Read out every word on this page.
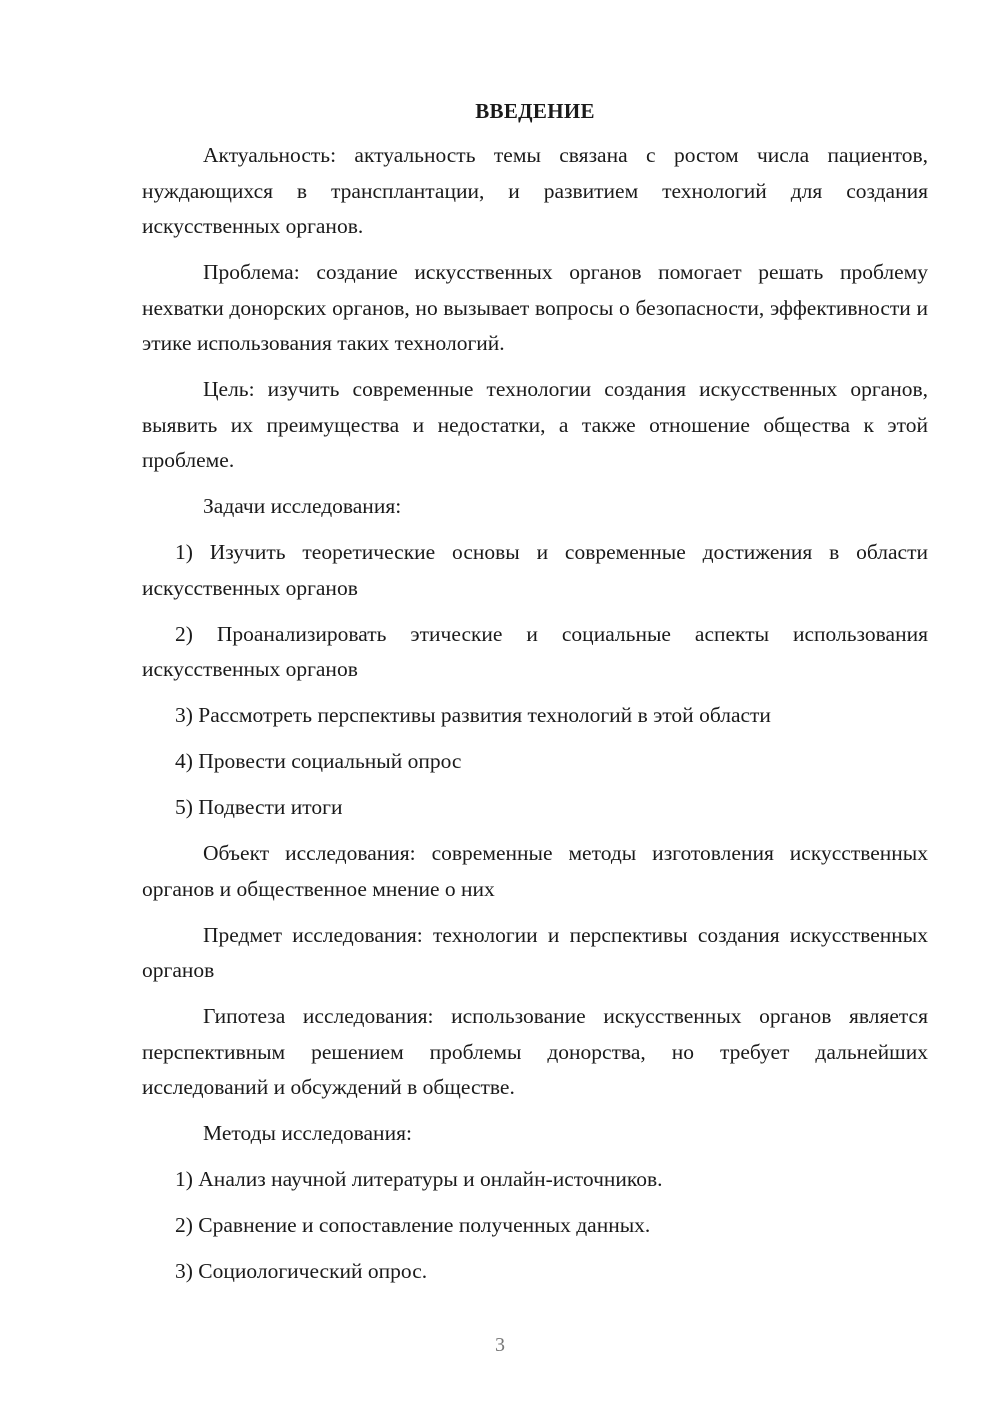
ВВЕДЕНИЕ

Актуальность: актуальность темы связана с ростом числа пациентов, нуждающихся в трансплантации, и развитием технологий для создания искусственных органов.

Проблема: создание искусственных органов помогает решать проблему нехватки донорских органов, но вызывает вопросы о безопасности, эффективности и этике использования таких технологий.

Цель: изучить современные технологии создания искусственных органов, выявить их преимущества и недостатки, а также отношение общества к этой проблеме.

Задачи исследования:

1) Изучить теоретические основы и современные достижения в области искусственных органов

2) Проанализировать этические и социальные аспекты использования искусственных органов

3) Рассмотреть перспективы развития технологий в этой области

4) Провести социальный опрос

5) Подвести итоги

Объект исследования: современные методы изготовления искусственных органов и общественное мнение о них

Предмет исследования: технологии и перспективы создания искусственных органов

Гипотеза исследования: использование искусственных органов является перспективным решением проблемы донорства, но требует дальнейших исследований и обсуждений в обществе.

Методы исследования:

1) Анализ научной литературы и онлайн-источников.

2) Сравнение и сопоставление полученных данных.

3) Социологический опрос.

3
